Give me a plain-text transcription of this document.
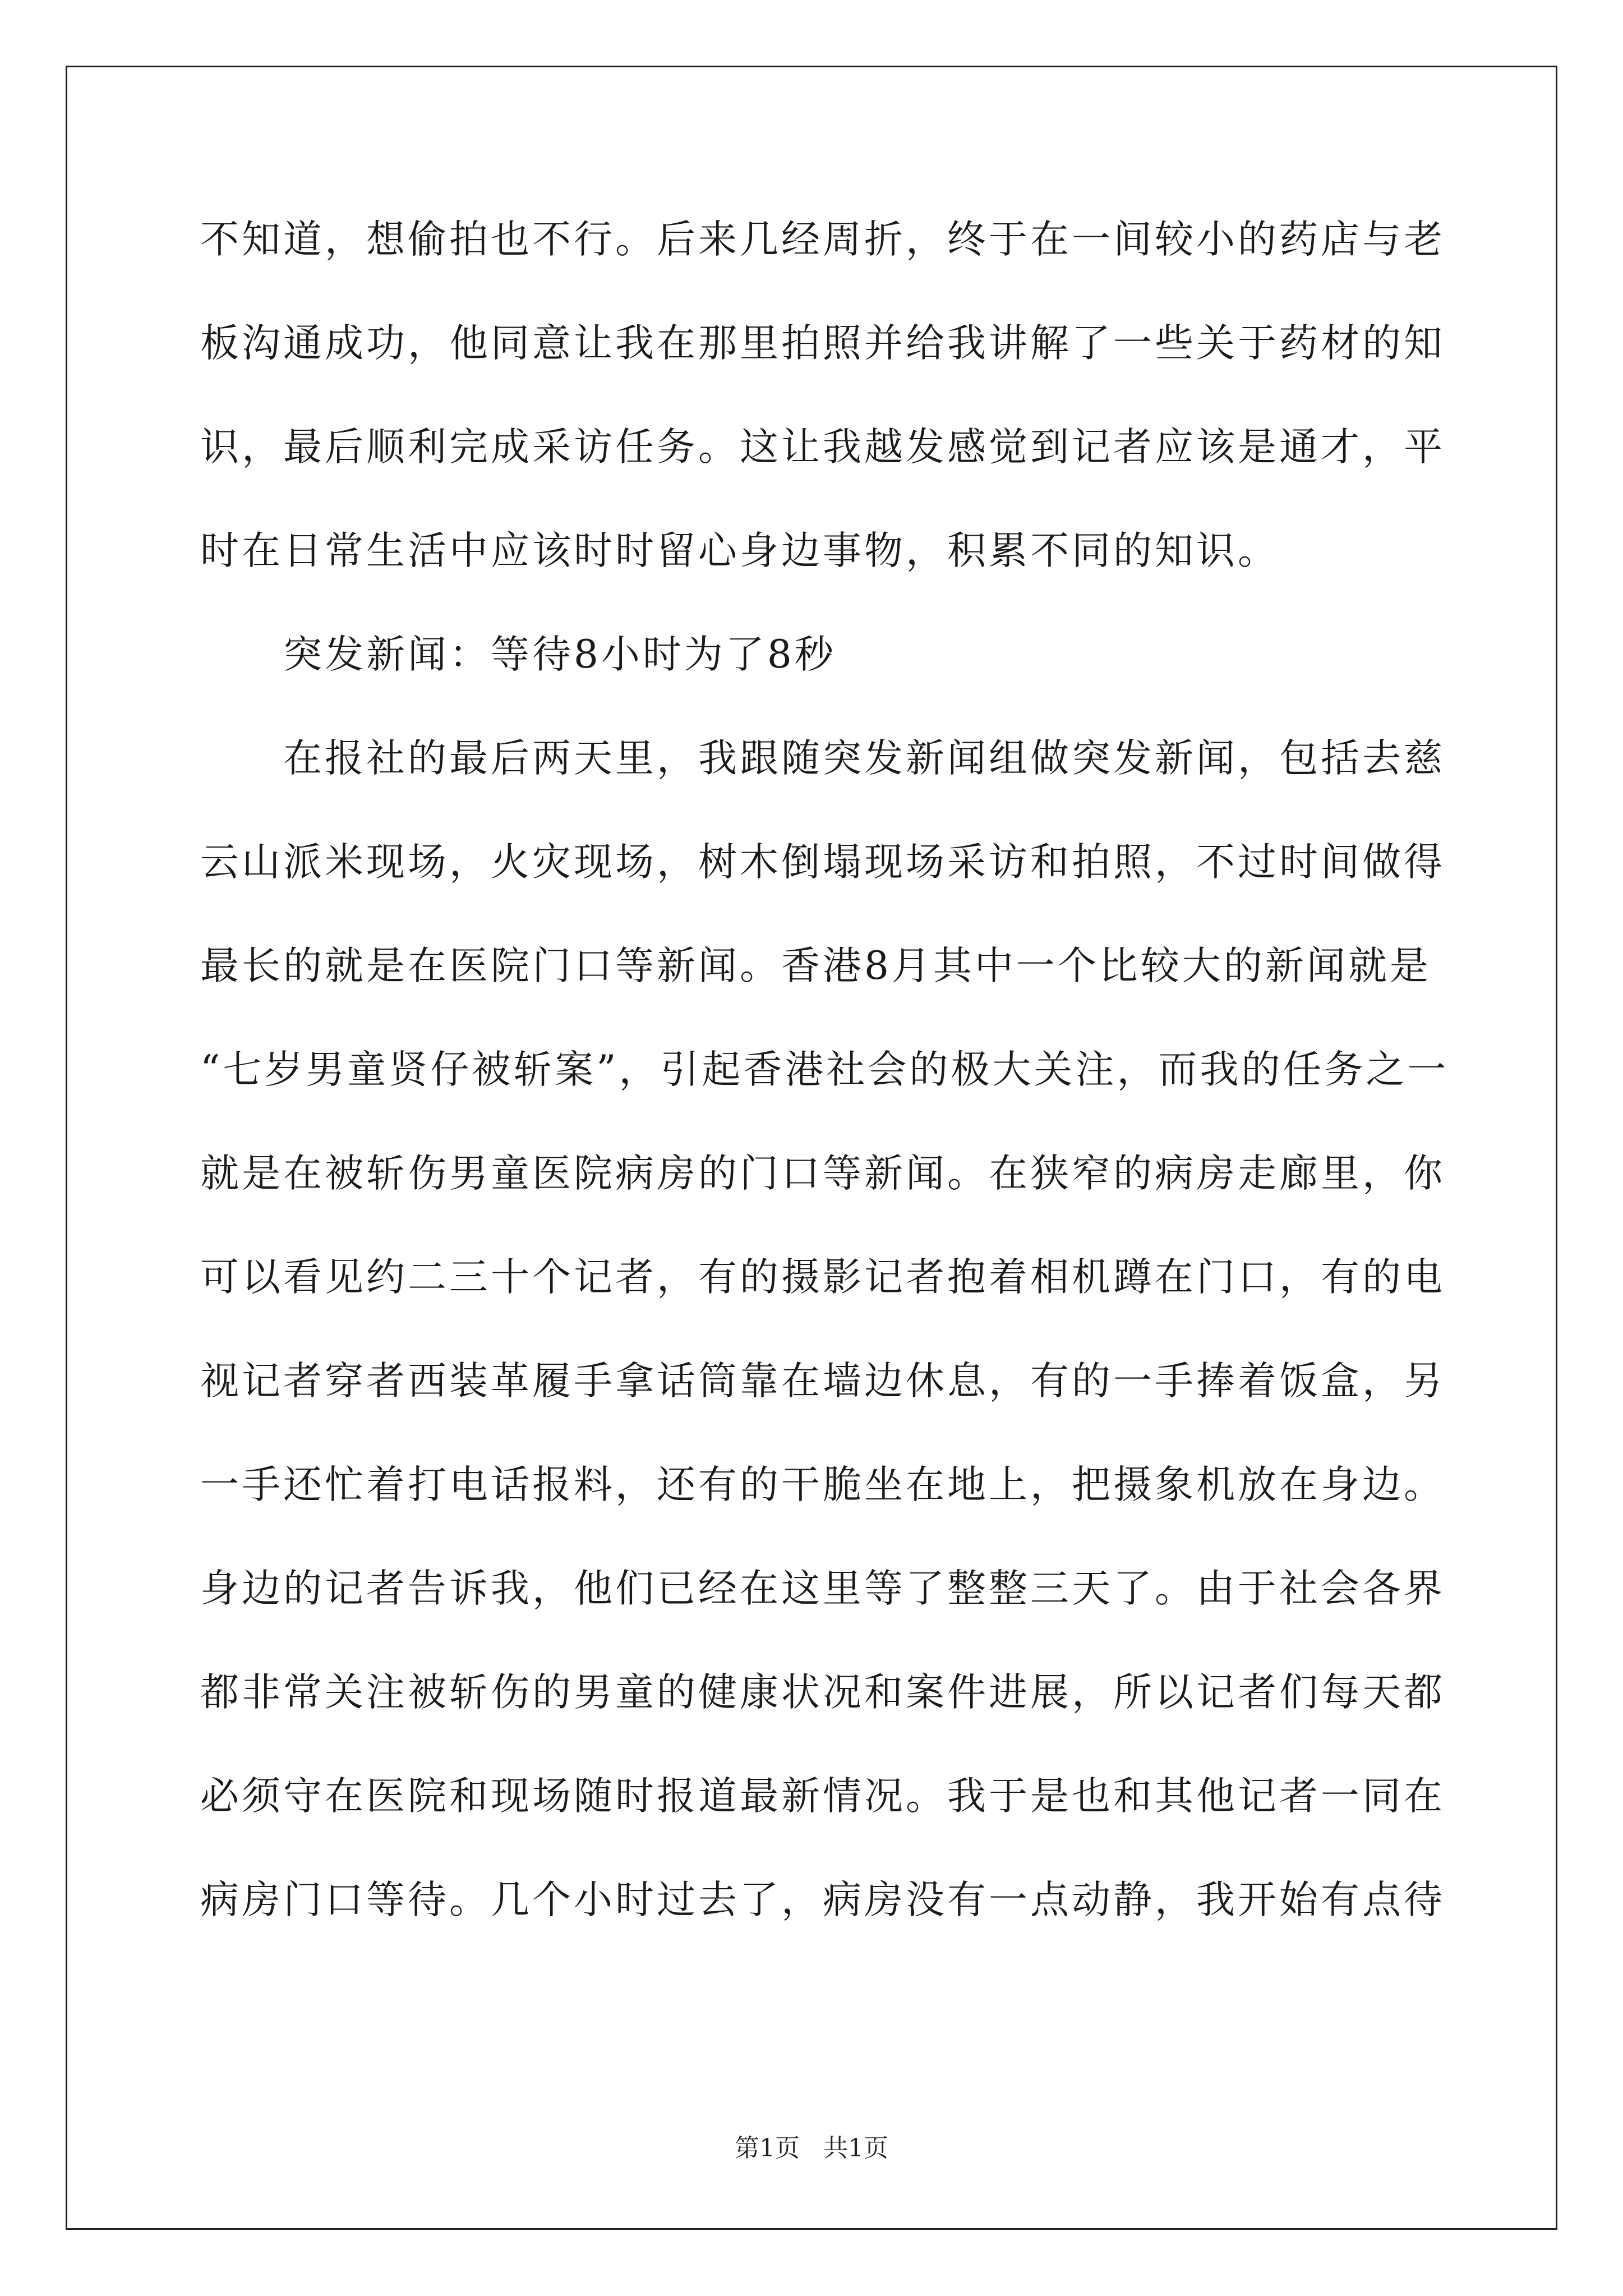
不知道，想偷拍也不行。后来几经周折，终于在一间较小的药店与老
板沟通成功，他同意让我在那里拍照并给我讲解了一些关于药材的知
识，最后顺利完成采访任务。这让我越发感觉到记者应该是通才，平
时在日常生活中应该时时留心身边事物，积累不同的知识。
突发新闻：等待8小时为了8秒
在报社的最后两天里，我跟随突发新闻组做突发新闻，包括去慈
云山派米现场，火灾现场，树木倒塌现场采访和拍照，不过时间做得
最长的就是在医院门口等新闻。香港8月其中一个比较大的新闻就是
“七岁男童贤仔被斩案”，引起香港社会的极大关注，而我的任务之一
就是在被斩伤男童医院病房的门口等新闻。在狭窄的病房走廊里，你
可以看见约二三十个记者，有的摄影记者抱着相机蹲在门口，有的电
视记者穿者西装革履手拿话筒靠在墙边休息，有的一手捧着饭盒，另
一手还忙着打电话报料，还有的干脆坐在地上，把摄象机放在身边。
身边的记者告诉我，他们已经在这里等了整整三天了。由于社会各界
都非常关注被斩伤的男童的健康状况和案件进展，所以记者们每天都
必须守在医院和现场随时报道最新情况。我于是也和其他记者一同在
病房门口等待。几个小时过去了，病房没有一点动静，我开始有点待
第1页   共1页
